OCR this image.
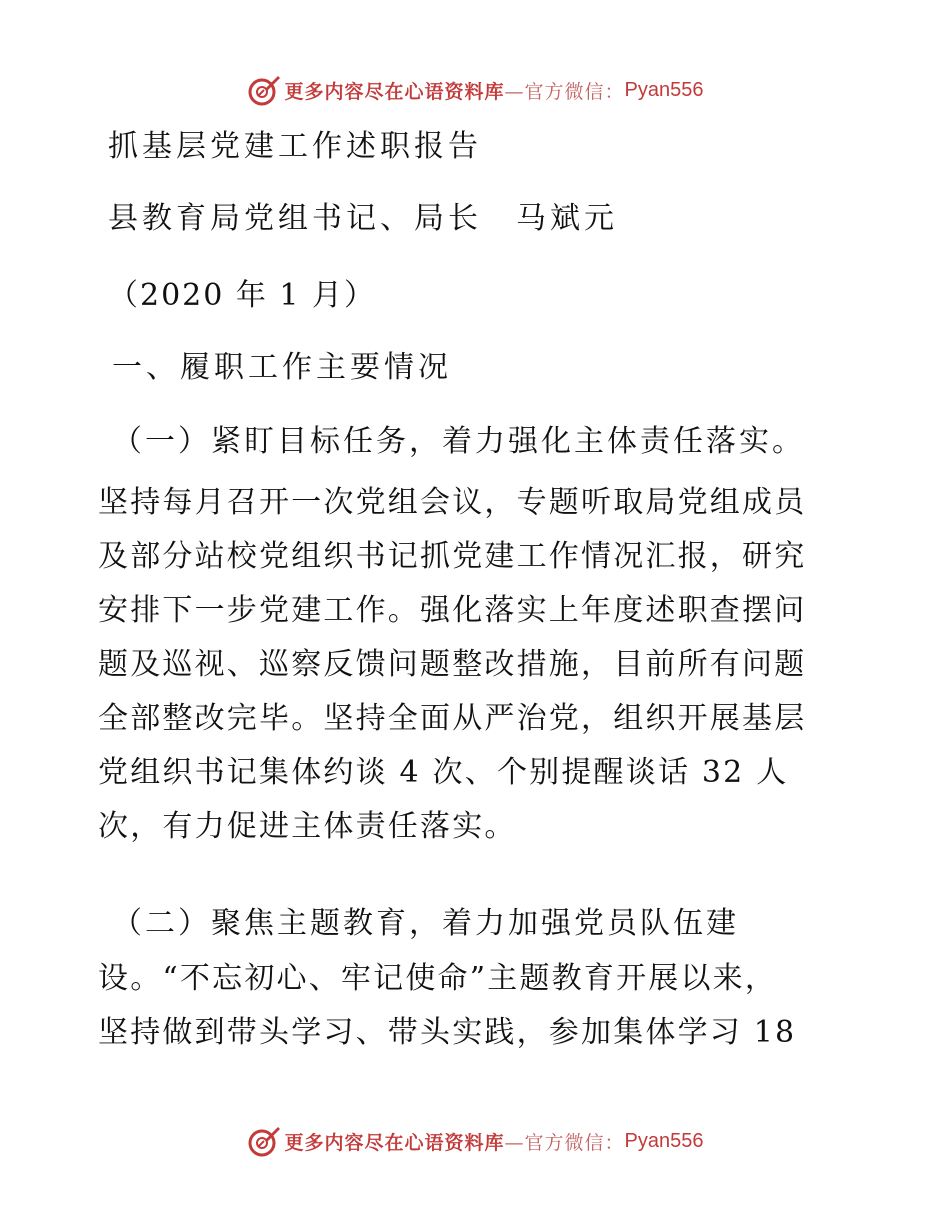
更多内容尽在心语资料库 —官方微信： Pyan556
抓基层党建工作述职报告
县教育局党组书记、局长　马斌元
（2020 年 1 月）
一、履职工作主要情况
（一）紧盯目标任务，着力强化主体责任落实。

坚持每月召开一次党组会议，专题听取局党组成员

及部分站校党组织书记抓党建工作情况汇报，研究

安排下一步党建工作。强化落实上年度述职查摆问

题及巡视、巡察反馈问题整改措施，目前所有问题

全部整改完毕。坚持全面从严治党，组织开展基层

党组织书记集体约谈 4 次、个别提醒谈话 32 人

次，有力促进主体责任落实。

（二）聚焦主题教育，着力加强党员队伍建

设。“不忘初心、牢记使命”主题教育开展以来，

坚持做到带头学习、带头实践，参加集体学习 18

更多内容尽在心语资料库 —官方微信： Pyan556
